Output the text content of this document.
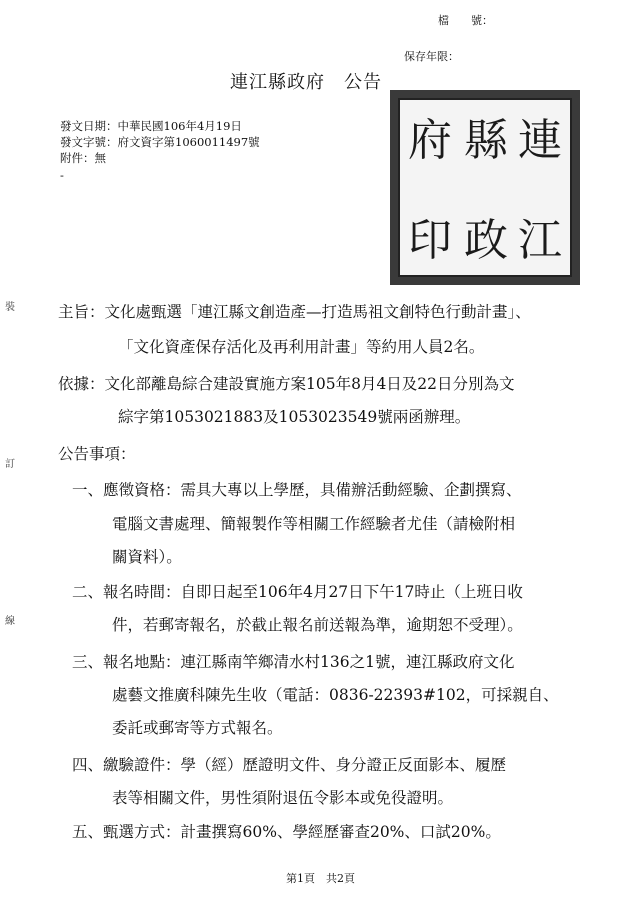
檔　　號：
保存年限：
連江縣政府　公告
發文日期：中華民國106年4月19日
發文字號：府文資字第1060011497號
附件：無
-
連
江
縣
政
府
印
裝
訂
線
主旨：文化處甄選「連江縣文創造產—打造馬祖文創特色行動計畫」、
「文化資產保存活化及再利用計畫」等約用人員2名。
依據：文化部離島綜合建設實施方案105年8月4日及22日分別為文
綜字第1053021883及1053023549號兩函辦理。
公告事項：
一、應徵資格：需具大專以上學歷，具備辦活動經驗、企劃撰寫、
電腦文書處理、簡報製作等相關工作經驗者尤佳（請檢附相
關資料）。
二、報名時間：自即日起至106年4月27日下午17時止（上班日收
件，若郵寄報名，於截止報名前送報為準，逾期恕不受理）。
三、報名地點：連江縣南竿鄉清水村136之1號，連江縣政府文化
處藝文推廣科陳先生收（電話：0836-22393#102，可採親自、
委託或郵寄等方式報名。
四、繳驗證件：學（經）歷證明文件、身分證正反面影本、履歷
表等相關文件，男性須附退伍令影本或免役證明。
五、甄選方式：計畫撰寫60%、學經歷審查20%、口試20%。
第1頁　共2頁
